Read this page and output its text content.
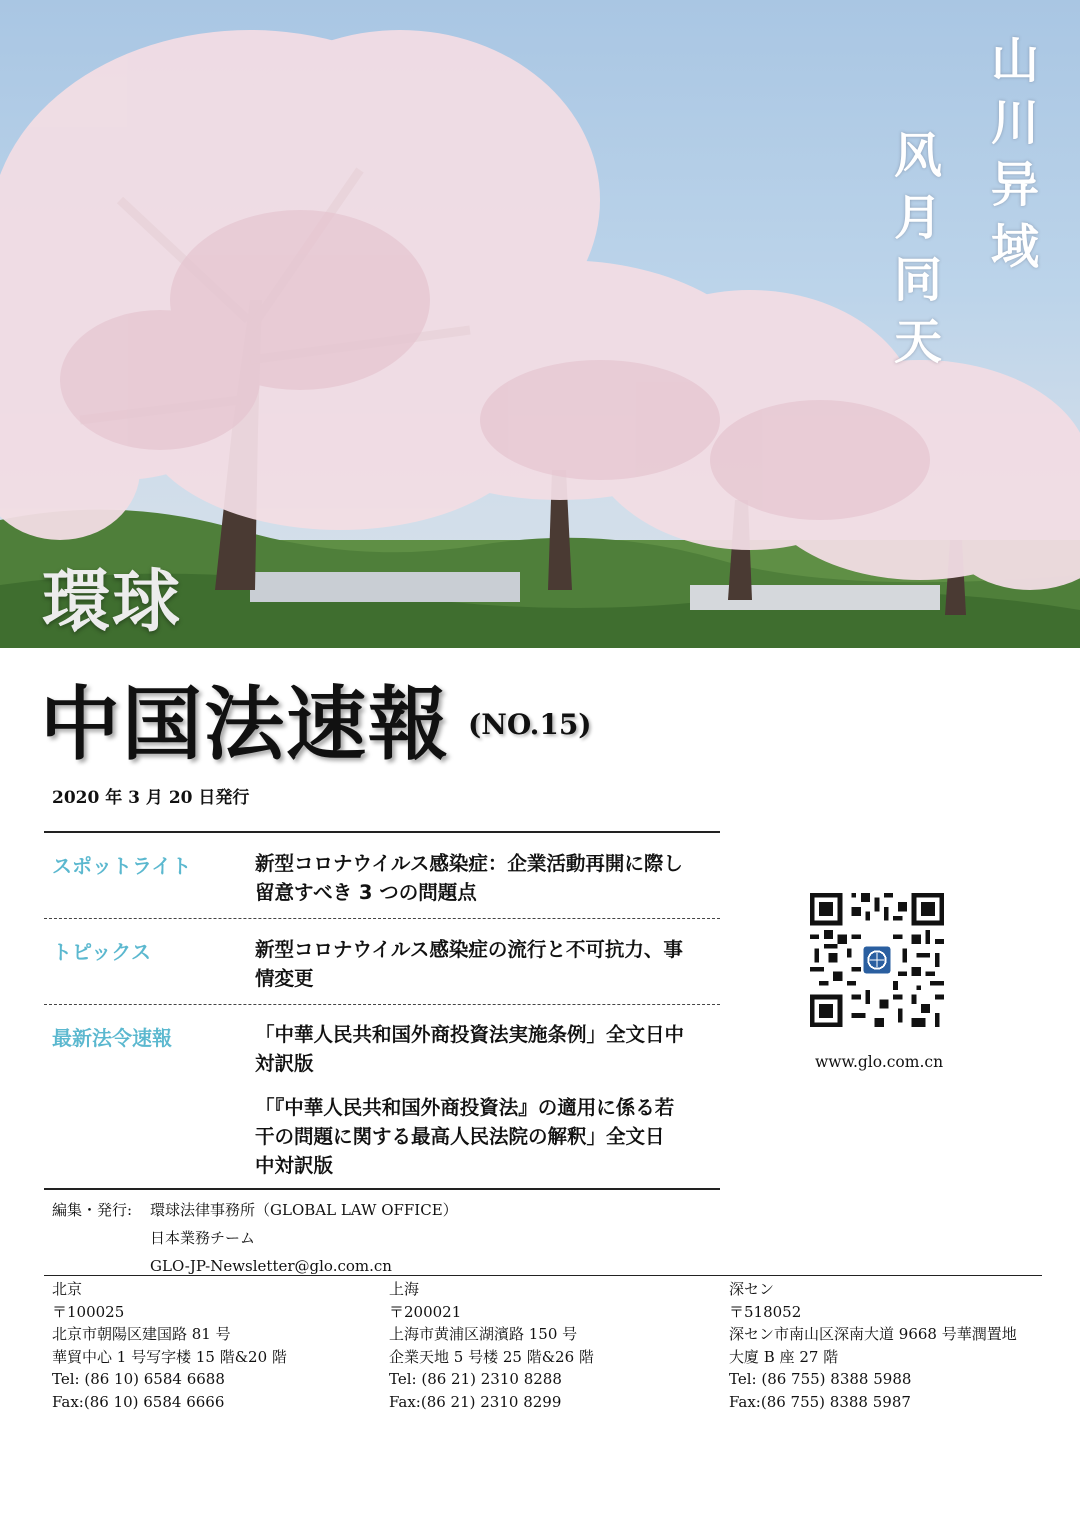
山
川
异
域
风
月
同
天
環球
中国法速報 (NO.15)
2020 年 3 月 20 日発行
スポットライト	新型コロナウイルス感染症：企業活動再開に際し
留意すべき 3 つの問題点
トピックス	新型コロナウイルス感染症の流行と不可抗力、事
情変更
最新法令速報	「中華人民共和国外商投資法実施条例」全文日中
対訳版
「『中華人民共和国外商投資法』の適用に係る若
干の問題に関する最高人民法院の解釈」全文日
中対訳版
www.glo.com.cn
編集・発行: 環球法律事務所（GLOBAL LAW OFFICE）
日本業務チーム
GLO-JP-Newsletter@glo.com.cn
北京
〒100025
北京市朝陽区建国路 81 号
華貿中心 1 号写字楼 15 階&20 階
Tel: (86 10) 6584 6688
Fax:(86 10) 6584 6666
上海
〒200021
上海市黄浦区湖濱路 150 号
企業天地 5 号楼 25 階&26 階
Tel: (86 21) 2310 8288
Fax:(86 21) 2310 8299
深セン
〒518052
深セン市南山区深南大道 9668 号華潤置地
大廈 B 座 27 階
Tel: (86 755) 8388 5988
Fax:(86 755) 8388 5987
